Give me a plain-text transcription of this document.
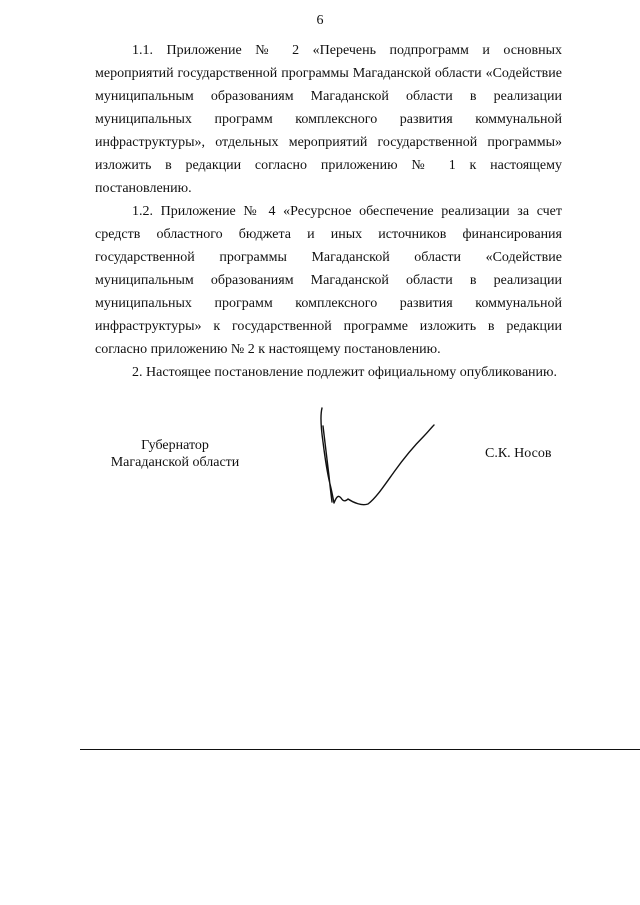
6

1.1. Приложение № 2 «Перечень подпрограмм и основных мероприятий государственной программы Магаданской области «Содействие муниципальным образованиям Магаданской области в реализации муниципальных программ комплексного развития коммунальной инфраструктуры», отдельных мероприятий государственной программы» изложить в редакции согласно приложению № 1 к настоящему постановлению.

1.2. Приложение № 4 «Ресурсное обеспечение реализации за счет средств областного бюджета и иных источников финансирования государственной программы Магаданской области «Содействие муниципальным образованиям Магаданской области в реализации муниципальных программ комплексного развития коммунальной инфраструктуры» к государственной программе изложить в редакции согласно приложению № 2 к настоящему постановлению.

2. Настоящее постановление подлежит официальному опубликованию.

Губернатор
Магаданской области
С.К. Носов
